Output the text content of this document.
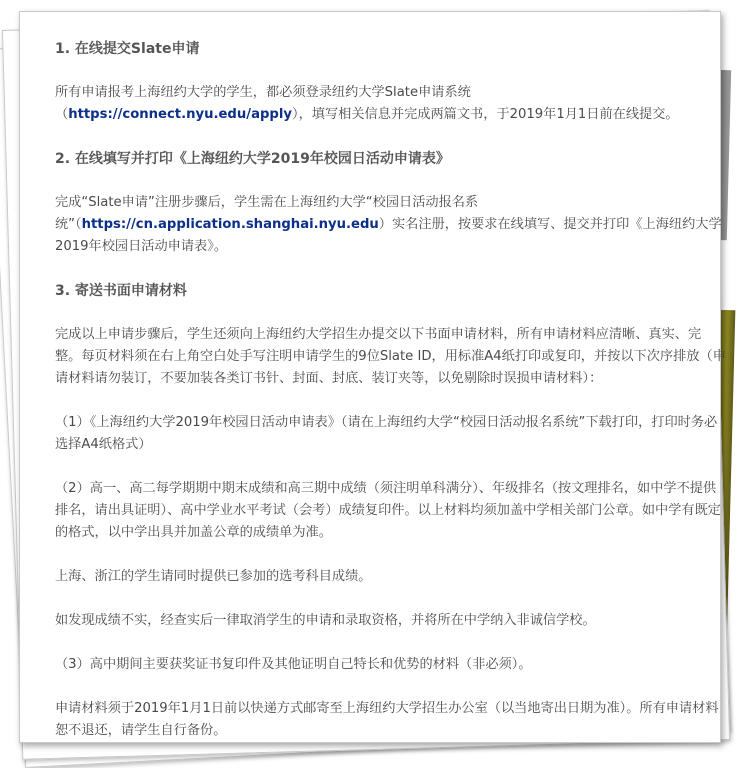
1. 在线提交Slate申请

所有申请报考上海纽约大学的学生，都必须登录纽约大学Slate申请系统（https://connect.nyu.edu/apply），填写相关信息并完成两篇文书，于2019年1月1日前在线提交。

2. 在线填写并打印《上海纽约大学2019年校园日活动申请表》

完成“Slate申请”注册步骤后，学生需在上海纽约大学“校园日活动报名系统”（https://cn.application.shanghai.nyu.edu）实名注册，按要求在线填写、提交并打印《上海纽约大学2019年校园日活动申请表》。

3. 寄送书面申请材料

完成以上申请步骤后，学生还须向上海纽约大学招生办提交以下书面申请材料，所有申请材料应清晰、真实、完整。每页材料须在右上角空白处手写注明申请学生的9位Slate ID，用标准A4纸打印或复印，并按以下次序排放（申请材料请勿装订，不要加装各类订书针、封面、封底、装订夹等，以免剔除时误损申请材料）：

（1）《上海纽约大学2019年校园日活动申请表》（请在上海纽约大学“校园日活动报名系统”下载打印，打印时务必选择A4纸格式）

（2）高一、高二每学期期中期末成绩和高三期中成绩（须注明单科满分）、年级排名（按文理排名，如中学不提供排名，请出具证明）、高中学业水平考试（会考）成绩复印件。以上材料均须加盖中学相关部门公章。如中学有既定的格式，以中学出具并加盖公章的成绩单为准。

上海、浙江的学生请同时提供已参加的选考科目成绩。

如发现成绩不实，经查实后一律取消学生的申请和录取资格，并将所在中学纳入非诚信学校。

（3）高中期间主要获奖证书复印件及其他证明自己特长和优势的材料（非必须）。

申请材料须于2019年1月1日前以快递方式邮寄至上海纽约大学招生办公室（以当地寄出日期为准）。所有申请材料恕不退还，请学生自行备份。
